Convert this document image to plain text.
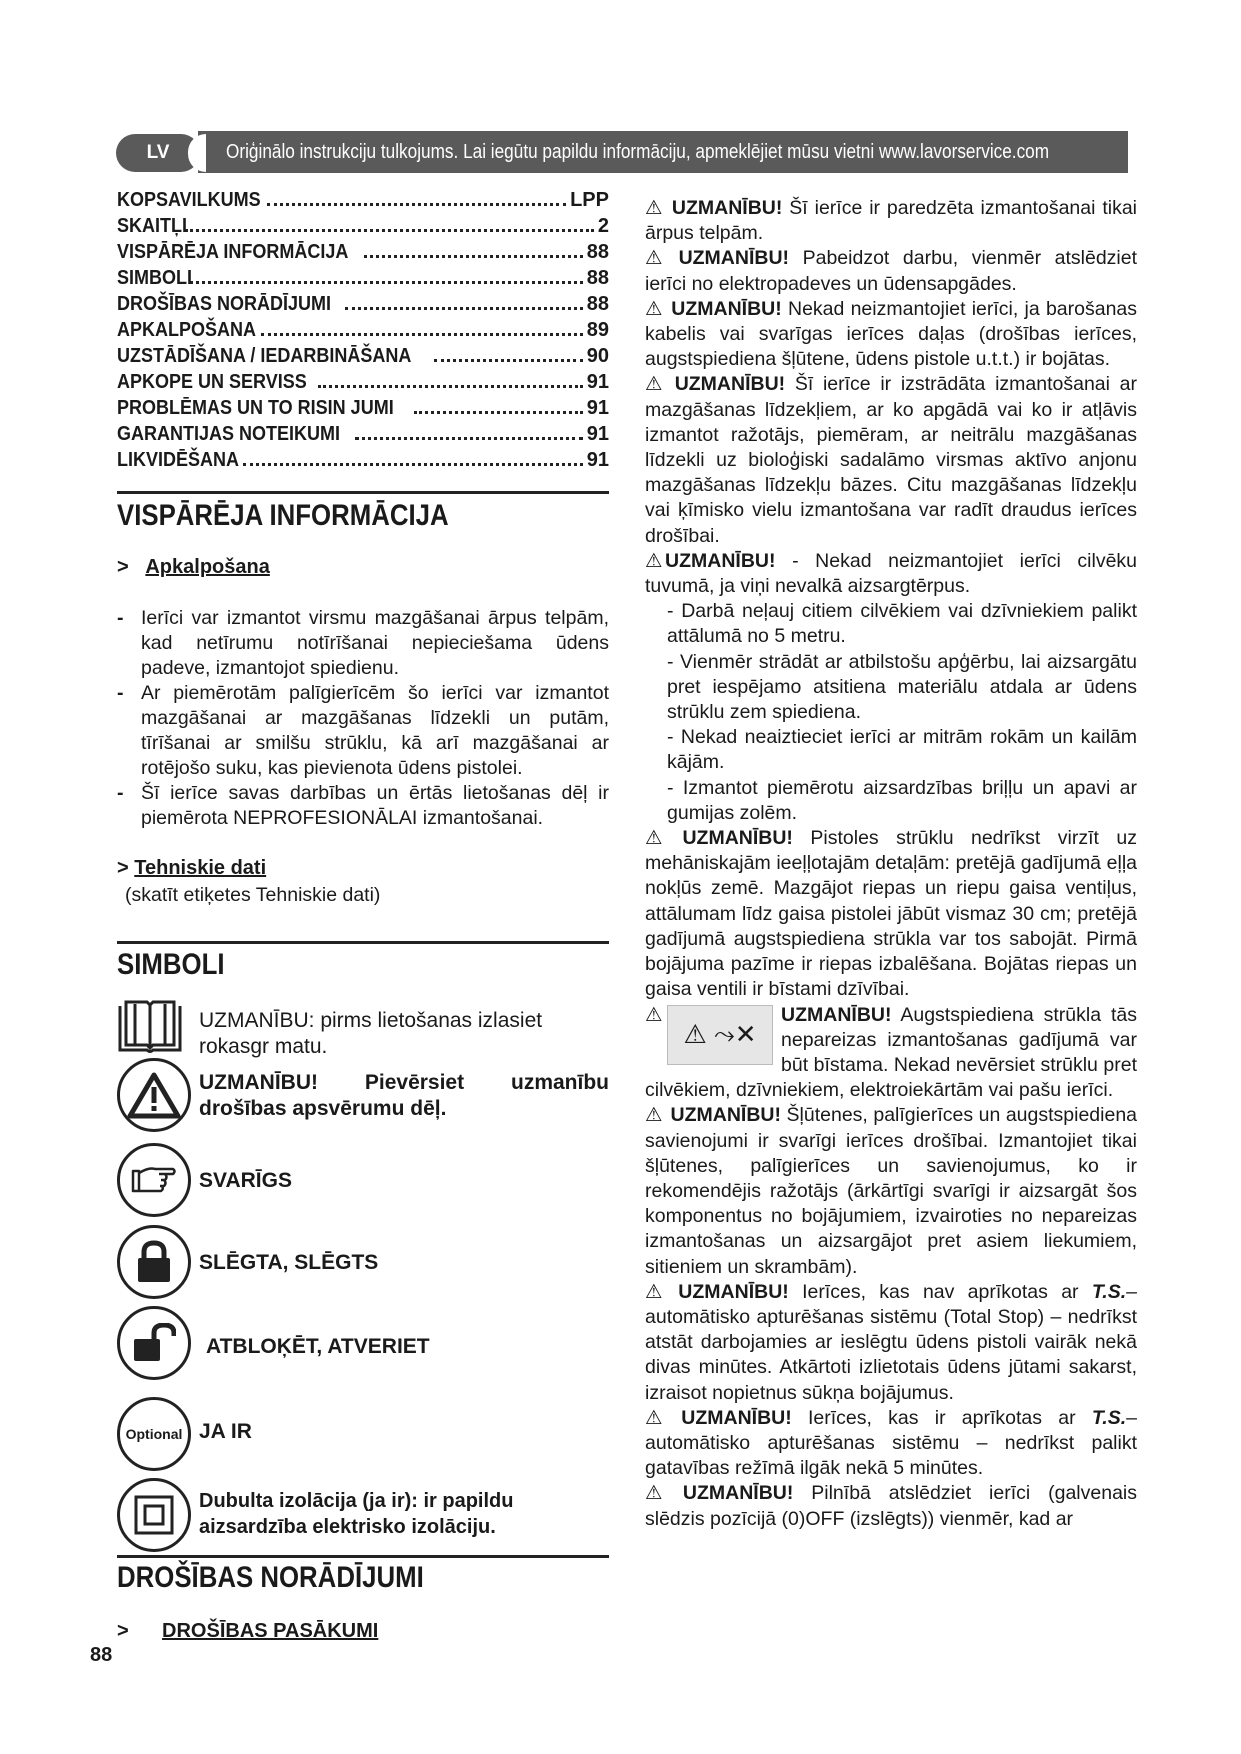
LV	Oriģinālo instrukciju tulkojums. Lai iegūtu papildu informāciju, apmeklējiet mūsu vietni www.lavorservice.com
KOPSAVILKUMS	LPP
SKAITĻI	2
VISPĀRĒJA INFORMĀCIJA	88
SIMBOLI	88
DROŠĪBAS NORĀDĪJUMI	88
APKALPOŠANA	89
UZSTĀDĪŠANA / IEDARBINĀŠANA	90
APKOPE UN SERVISS	91
PROBLĒMAS UN TO RISIN JUMI	91
GARANTIJAS NOTEIKUMI	91
LIKVIDĒŠANA	91
VISPĀRĒJA INFORMĀCIJA
> Apkalpošana
- Ierīci var izmantot virsmu mazgāšanai ārpus telpām, kad netīrumu notīrīšanai nepieciešama ūdens padeve, izmantojot spiedienu.
- Ar piemērotām palīgierīcēm šo ierīci var izmantot mazgāšanai ar mazgāšanas līdzekli un putām, tīrīšanai ar smilšu strūklu, kā arī mazgāšanai ar rotējošo suku, kas pievienota ūdens pistolei.
- Šī ierīce savas darbības un ērtās lietošanas dēļ ir piemērota NEPROFESIONĀLAI izmantošanai.
> Tehniskie dati
(skatīt etiķetes Tehniskie dati)
SIMBOLI
UZMANĪBU: pirms lietošanas izlasiet rokasgr matu.
UZMANĪBU! Pievērsiet uzmanību drošības apsvērumu dēļ.
SVARĪGS
SLĒGTA, SLĒGTS
ATBLOĶĒT, ATVERIET
Optional JA IR
Dubulta izolācija (ja ir): ir papildu aizsardzība elektrisko izolāciju.
DROŠĪBAS NORĀDĪJUMI
> DROŠĪBAS PASĀKUMI
88
⚠ UZMANĪBU! Šī ierīce ir paredzēta izmantošanai tikai ārpus telpām.
⚠ UZMANĪBU! Pabeidzot darbu, vienmēr atslēdziet ierīci no elektropadeves un ūdensapgādes.
⚠ UZMANĪBU! Nekad neizmantojiet ierīci, ja barošanas kabelis vai svarīgas ierīces daļas (drošības ierīces, augstspiediena šļūtene, ūdens pistole u.t.t.) ir bojātas.
⚠ UZMANĪBU! Šī ierīce ir izstrādāta izmantošanai ar mazgāšanas līdzekļiem, ar ko apgādā vai ko ir atļāvis izmantot ražotājs, piemēram, ar neitrālu mazgāšanas līdzekli uz bioloģiski sadalāmo virsmas aktīvo anjonu mazgāšanas līdzekļu bāzes. Citu mazgāšanas līdzekļu vai ķīmisko vielu izmantošana var radīt draudus ierīces drošībai.
⚠ UZMANĪBU! - Nekad neizmantojiet ierīci cilvēku tuvumā, ja viņi nevalkā aizsargtērpus.
- Darbā neļauj citiem cilvēkiem vai dzīvniekiem palikt attālumā no 5 metru.
- Vienmēr strādāt ar atbilstošu apģērbu, lai aizsargātu pret iespējamo atsitiena materiālu atdala ar ūdens strūklu zem spiediena.
- Nekad neaiztieciet ierīci ar mitrām rokām un kailām kājām.
- Izmantot piemērotu aizsardzības briļļu un apavi ar gumijas zolēm.
⚠ UZMANĪBU! Pistoles strūklu nedrīkst virzīt uz mehāniskajām ieeļļotajām detaļām: pretējā gadījumā eļļa nokļūs zemē. Mazgājot riepas un riepu gaisa ventiļus, attālumam līdz gaisa pistolei jābūt vismaz 30 cm; pretējā gadījumā augstspiediena strūkla var tos sabojāt. Pirmā bojājuma pazīme ir riepas izbalēšana. Bojātas riepas un gaisa ventili ir bīstami dzīvībai.
⚠
⚠ ⤳✕
UZMANĪBU! Augstspiediena strūkla tās nepareizas izmantošanas gadījumā var būt bīstama. Nekad nevērsiet strūklu pret cilvēkiem, dzīvniekiem, elektroiekārtām vai pašu ierīci.
⚠ UZMANĪBU! Šļūtenes, palīgierīces un augstspiediena savienojumi ir svarīgi ierīces drošībai. Izmantojiet tikai šļūtenes, palīgierīces un savienojumus, ko ir rekomendējis ražotājs (ārkārtīgi svarīgi ir aizsargāt šos komponentus no bojājumiem, izvairoties no nepareizas izmantošanas un aizsargājot pret asiem liekumiem, sitieniem un skrambām).
⚠ UZMANĪBU! Ierīces, kas nav aprīkotas ar T.S.– automātisko apturēšanas sistēmu (Total Stop) – nedrīkst atstāt darbojamies ar ieslēgtu ūdens pistoli vairāk nekā divas minūtes. Atkārtoti izlietotais ūdens jūtami sakarst, izraisot nopietnus sūkņa bojājumus.
⚠ UZMANĪBU! Ierīces, kas ir aprīkotas ar T.S.– automātisko apturēšanas sistēmu – nedrīkst palikt gatavības režīmā ilgāk nekā 5 minūtes.
⚠ UZMANĪBU! Pilnībā atslēdziet ierīci (galvenais slēdzis pozīcijā (0)OFF (izslēgts)) vienmēr, kad ar
